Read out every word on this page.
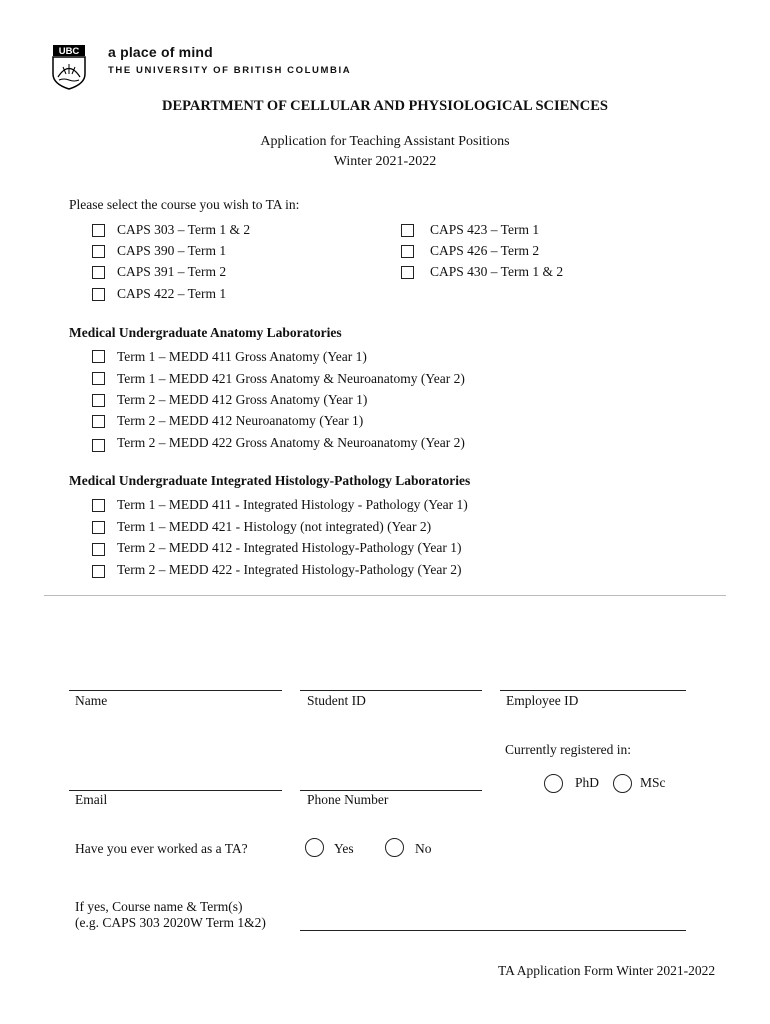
UBC a place of mind
THE UNIVERSITY OF BRITISH COLUMBIA
DEPARTMENT OF CELLULAR AND PHYSIOLOGICAL SCIENCES
Application for Teaching Assistant Positions
Winter 2021-2022
Please select the course you wish to TA in:
CAPS 303 – Term 1 & 2
CAPS 390 – Term 1
CAPS 391 – Term 2
CAPS 422 – Term 1
CAPS 423 – Term 1
CAPS 426 – Term 2
CAPS 430 – Term 1 & 2
Medical Undergraduate Anatomy Laboratories
Term 1 – MEDD 411 Gross Anatomy (Year 1)
Term 1 – MEDD 421 Gross Anatomy & Neuroanatomy (Year 2)
Term 2 – MEDD 412 Gross Anatomy (Year 1)
Term 2 – MEDD 412 Neuroanatomy (Year 1)
Term 2 – MEDD 422 Gross Anatomy & Neuroanatomy (Year 2)
Medical Undergraduate Integrated Histology-Pathology Laboratories
Term 1 – MEDD 411 - Integrated Histology - Pathology (Year 1)
Term 1 – MEDD 421 - Histology (not integrated) (Year 2)
Term 2 – MEDD 412 - Integrated Histology-Pathology (Year 1)
Term 2 – MEDD 422 - Integrated Histology-Pathology (Year 2)
Name	Student ID	Employee ID
Currently registered in:
PhD	MSc
Email	Phone Number
Have you ever worked as a TA?	Yes	No
If yes, Course name & Term(s)
(e.g. CAPS 303 2020W Term 1&2)
TA Application Form Winter 2021-2022
